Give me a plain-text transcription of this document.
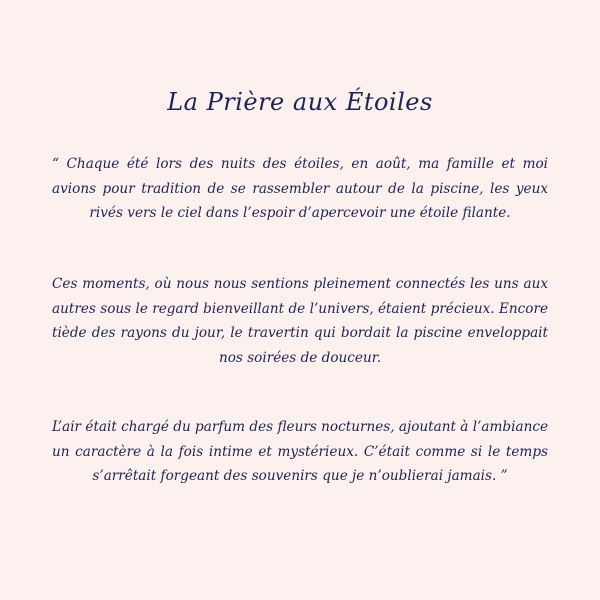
La Prière aux Étoiles

“ Chaque été lors des nuits des étoiles, en août, ma famille et moi avions pour tradition de se rassembler autour de la piscine, les yeux rivés vers le ciel dans l’espoir d’apercevoir une étoile filante.

Ces moments, où nous nous sentions pleinement connectés les uns aux autres sous le regard bienveillant de l’univers, étaient précieux. Encore tiède des rayons du jour, le travertin qui bordait la piscine enveloppait nos soirées de douceur.

L’air était chargé du parfum des fleurs nocturnes, ajoutant à l’ambiance un caractère à la fois intime et mystérieux. C’était comme si le temps s’arrêtait forgeant des souvenirs que je n’oublierai jamais. ”
